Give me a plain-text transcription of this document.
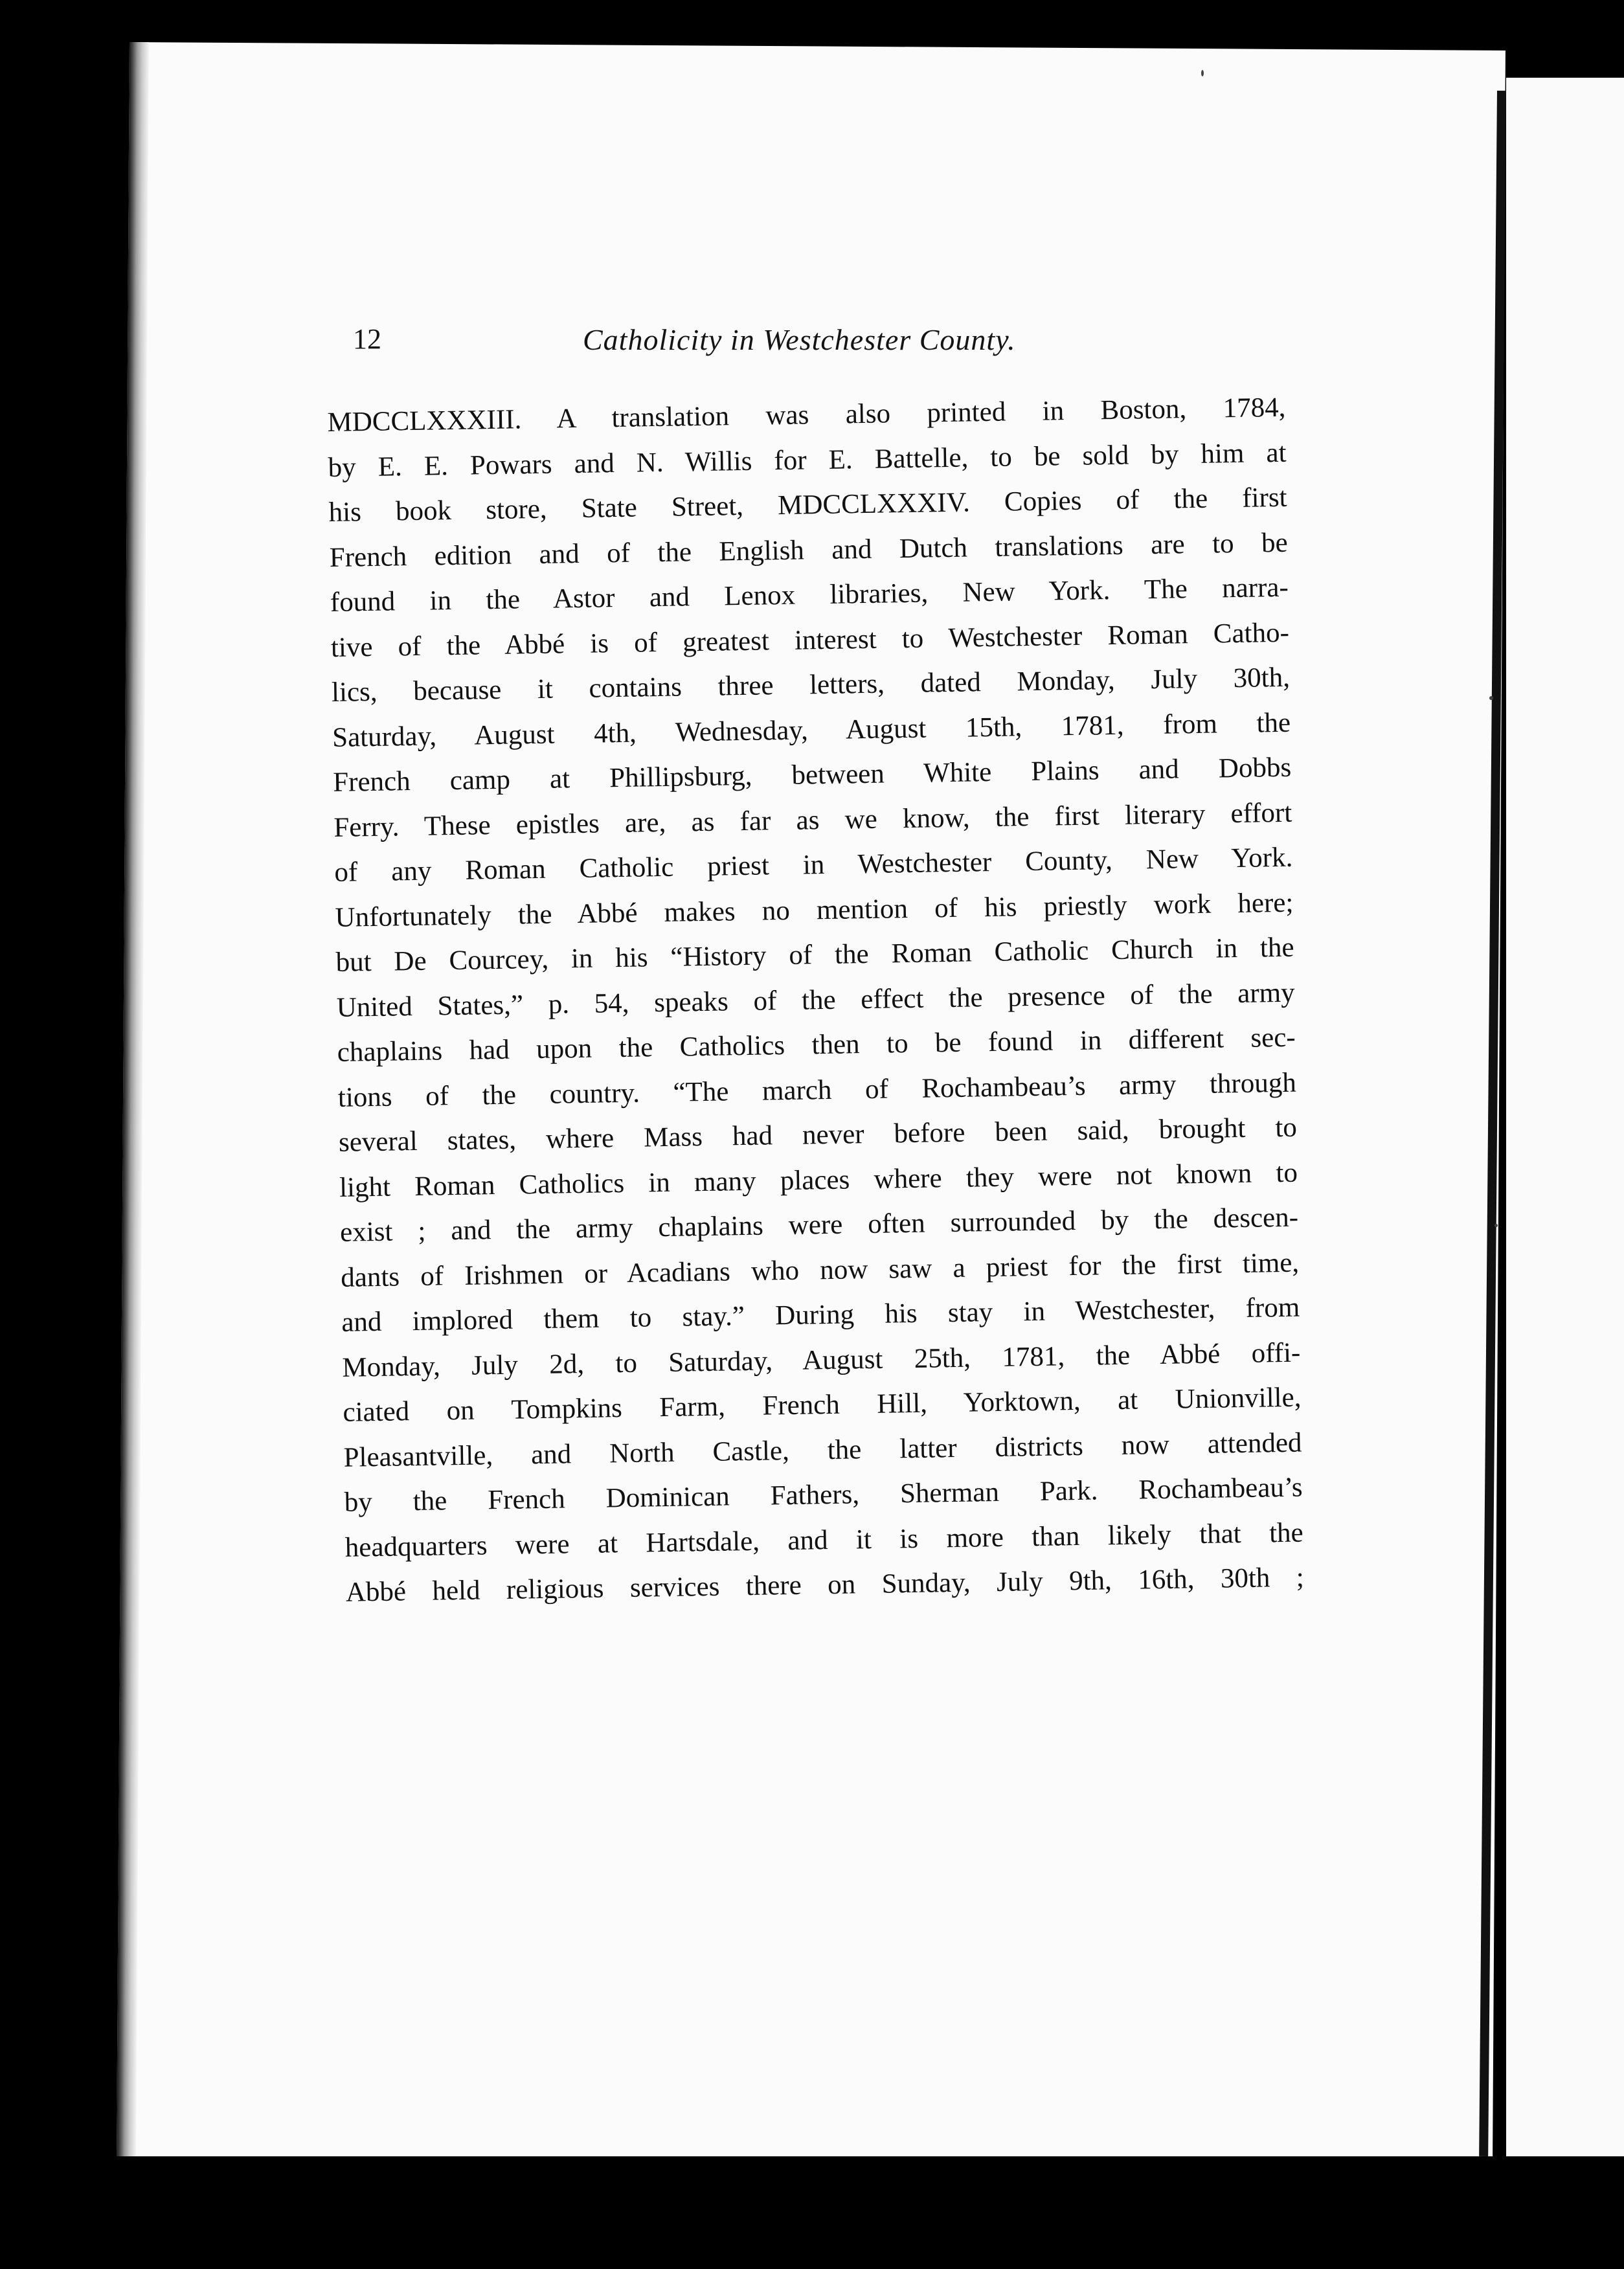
12	Catholicity in Westchester County.
MDCCLXXXIII. A translation was also printed in Boston, 1784,
by E. E. Powars and N. Willis for E. Battelle, to be sold by him at
his book store, State Street, MDCCLXXXIV. Copies of the first
French edition and of the English and Dutch translations are to be
found in the Astor and Lenox libraries, New York. The narra-
tive of the Abbé is of greatest interest to Westchester Roman Catho-
lics, because it contains three letters, dated Monday, July 30th,
Saturday, August 4th, Wednesday, August 15th, 1781, from the
French camp at Phillipsburg, between White Plains and Dobbs
Ferry. These epistles are, as far as we know, the first literary effort
of any Roman Catholic priest in Westchester County, New York.
Unfortunately the Abbé makes no mention of his priestly work here;
but De Courcey, in his “History of the Roman Catholic Church in the
United States,” p. 54, speaks of the effect the presence of the army
chaplains had upon the Catholics then to be found in different sec-
tions of the country. “The march of Rochambeau’s army through
several states, where Mass had never before been said, brought to
light Roman Catholics in many places where they were not known to
exist ; and the army chaplains were often surrounded by the descen-
dants of Irishmen or Acadians who now saw a priest for the first time,
and implored them to stay.” During his stay in Westchester, from
Monday, July 2d, to Saturday, August 25th, 1781, the Abbé offi-
ciated on Tompkins Farm, French Hill, Yorktown, at Unionville,
Pleasantville, and North Castle, the latter districts now attended
by the French Dominican Fathers, Sherman Park. Rochambeau’s
headquarters were at Hartsdale, and it is more than likely that the
Abbé held religious services there on Sunday, July 9th, 16th, 30th ;
